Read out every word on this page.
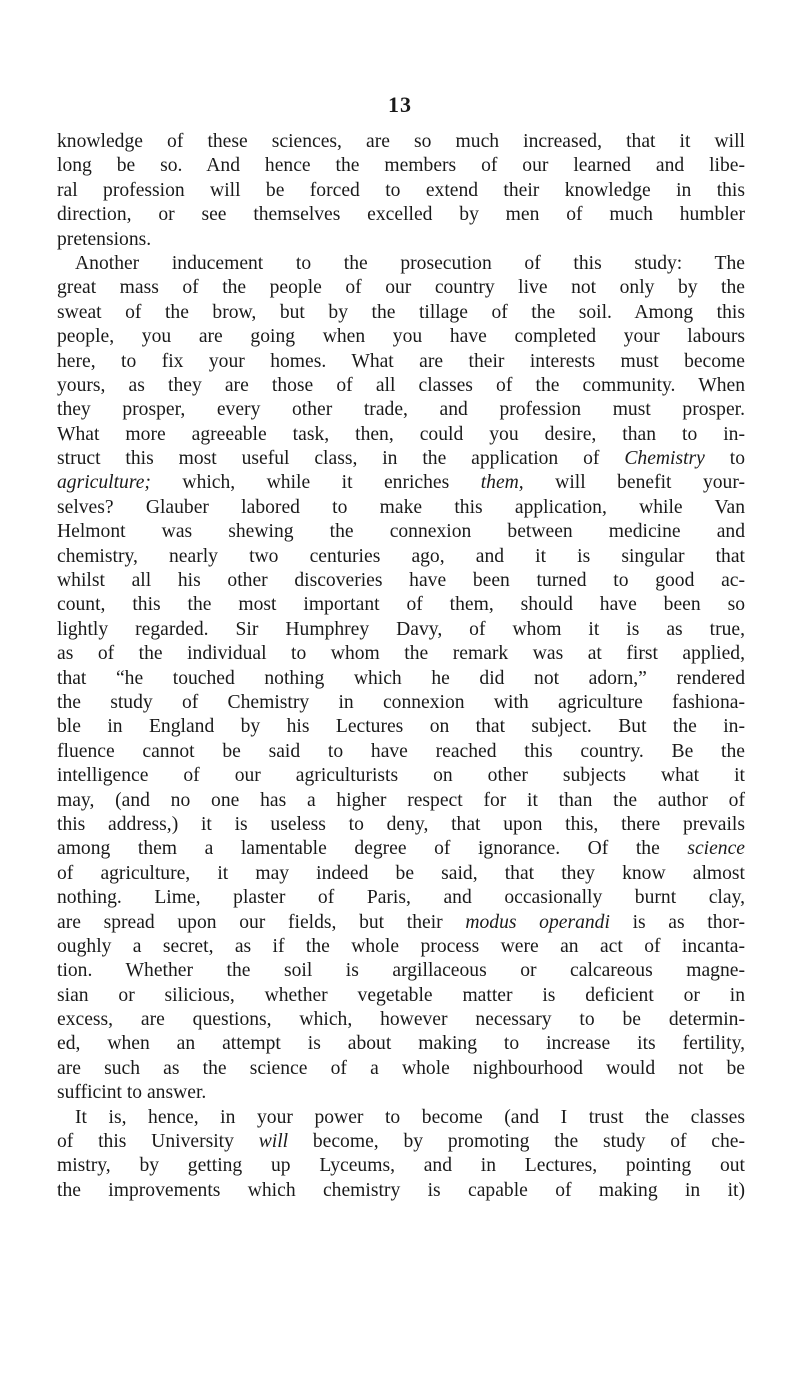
13
knowledge of these sciences, are so much increased, that it will
long be so. And hence the members of our learned and libe-
ral profession will be forced to extend their knowledge in this
direction, or see themselves excelled by men of much humbler
pretensions.
Another inducement to the prosecution of this study: The
great mass of the people of our country live not only by the
sweat of the brow, but by the tillage of the soil. Among this
people, you are going when you have completed your labours
here, to fix your homes. What are their interests must become
yours, as they are those of all classes of the community. When
they prosper, every other trade, and profession must prosper.
What more agreeable task, then, could you desire, than to in-
struct this most useful class, in the application of Chemistry to
agriculture; which, while it enriches them, will benefit your-
selves? Glauber labored to make this application, while Van
Helmont was shewing the connexion between medicine and
chemistry, nearly two centuries ago, and it is singular that
whilst all his other discoveries have been turned to good ac-
count, this the most important of them, should have been so
lightly regarded. Sir Humphrey Davy, of whom it is as true,
as of the individual to whom the remark was at first applied,
that “he touched nothing which he did not adorn,” rendered
the study of Chemistry in connexion with agriculture fashiona-
ble in England by his Lectures on that subject. But the in-
fluence cannot be said to have reached this country. Be the
intelligence of our agriculturists on other subjects what it
may, (and no one has a higher respect for it than the author of
this address,) it is useless to deny, that upon this, there prevails
among them a lamentable degree of ignorance. Of the science
of agriculture, it may indeed be said, that they know almost
nothing. Lime, plaster of Paris, and occasionally burnt clay,
are spread upon our fields, but their modus operandi is as thor-
oughly a secret, as if the whole process were an act of incanta-
tion. Whether the soil is argillaceous or calcareous magne-
sian or silicious, whether vegetable matter is deficient or in
excess, are questions, which, however necessary to be determin-
ed, when an attempt is about making to increase its fertility,
are such as the science of a whole nighbourhood would not be
sufficint to answer.
It is, hence, in your power to become (and I trust the classes
of this University will become, by promoting the study of che-
mistry, by getting up Lyceums, and in Lectures, pointing out
the improvements which chemistry is capable of making in it)
